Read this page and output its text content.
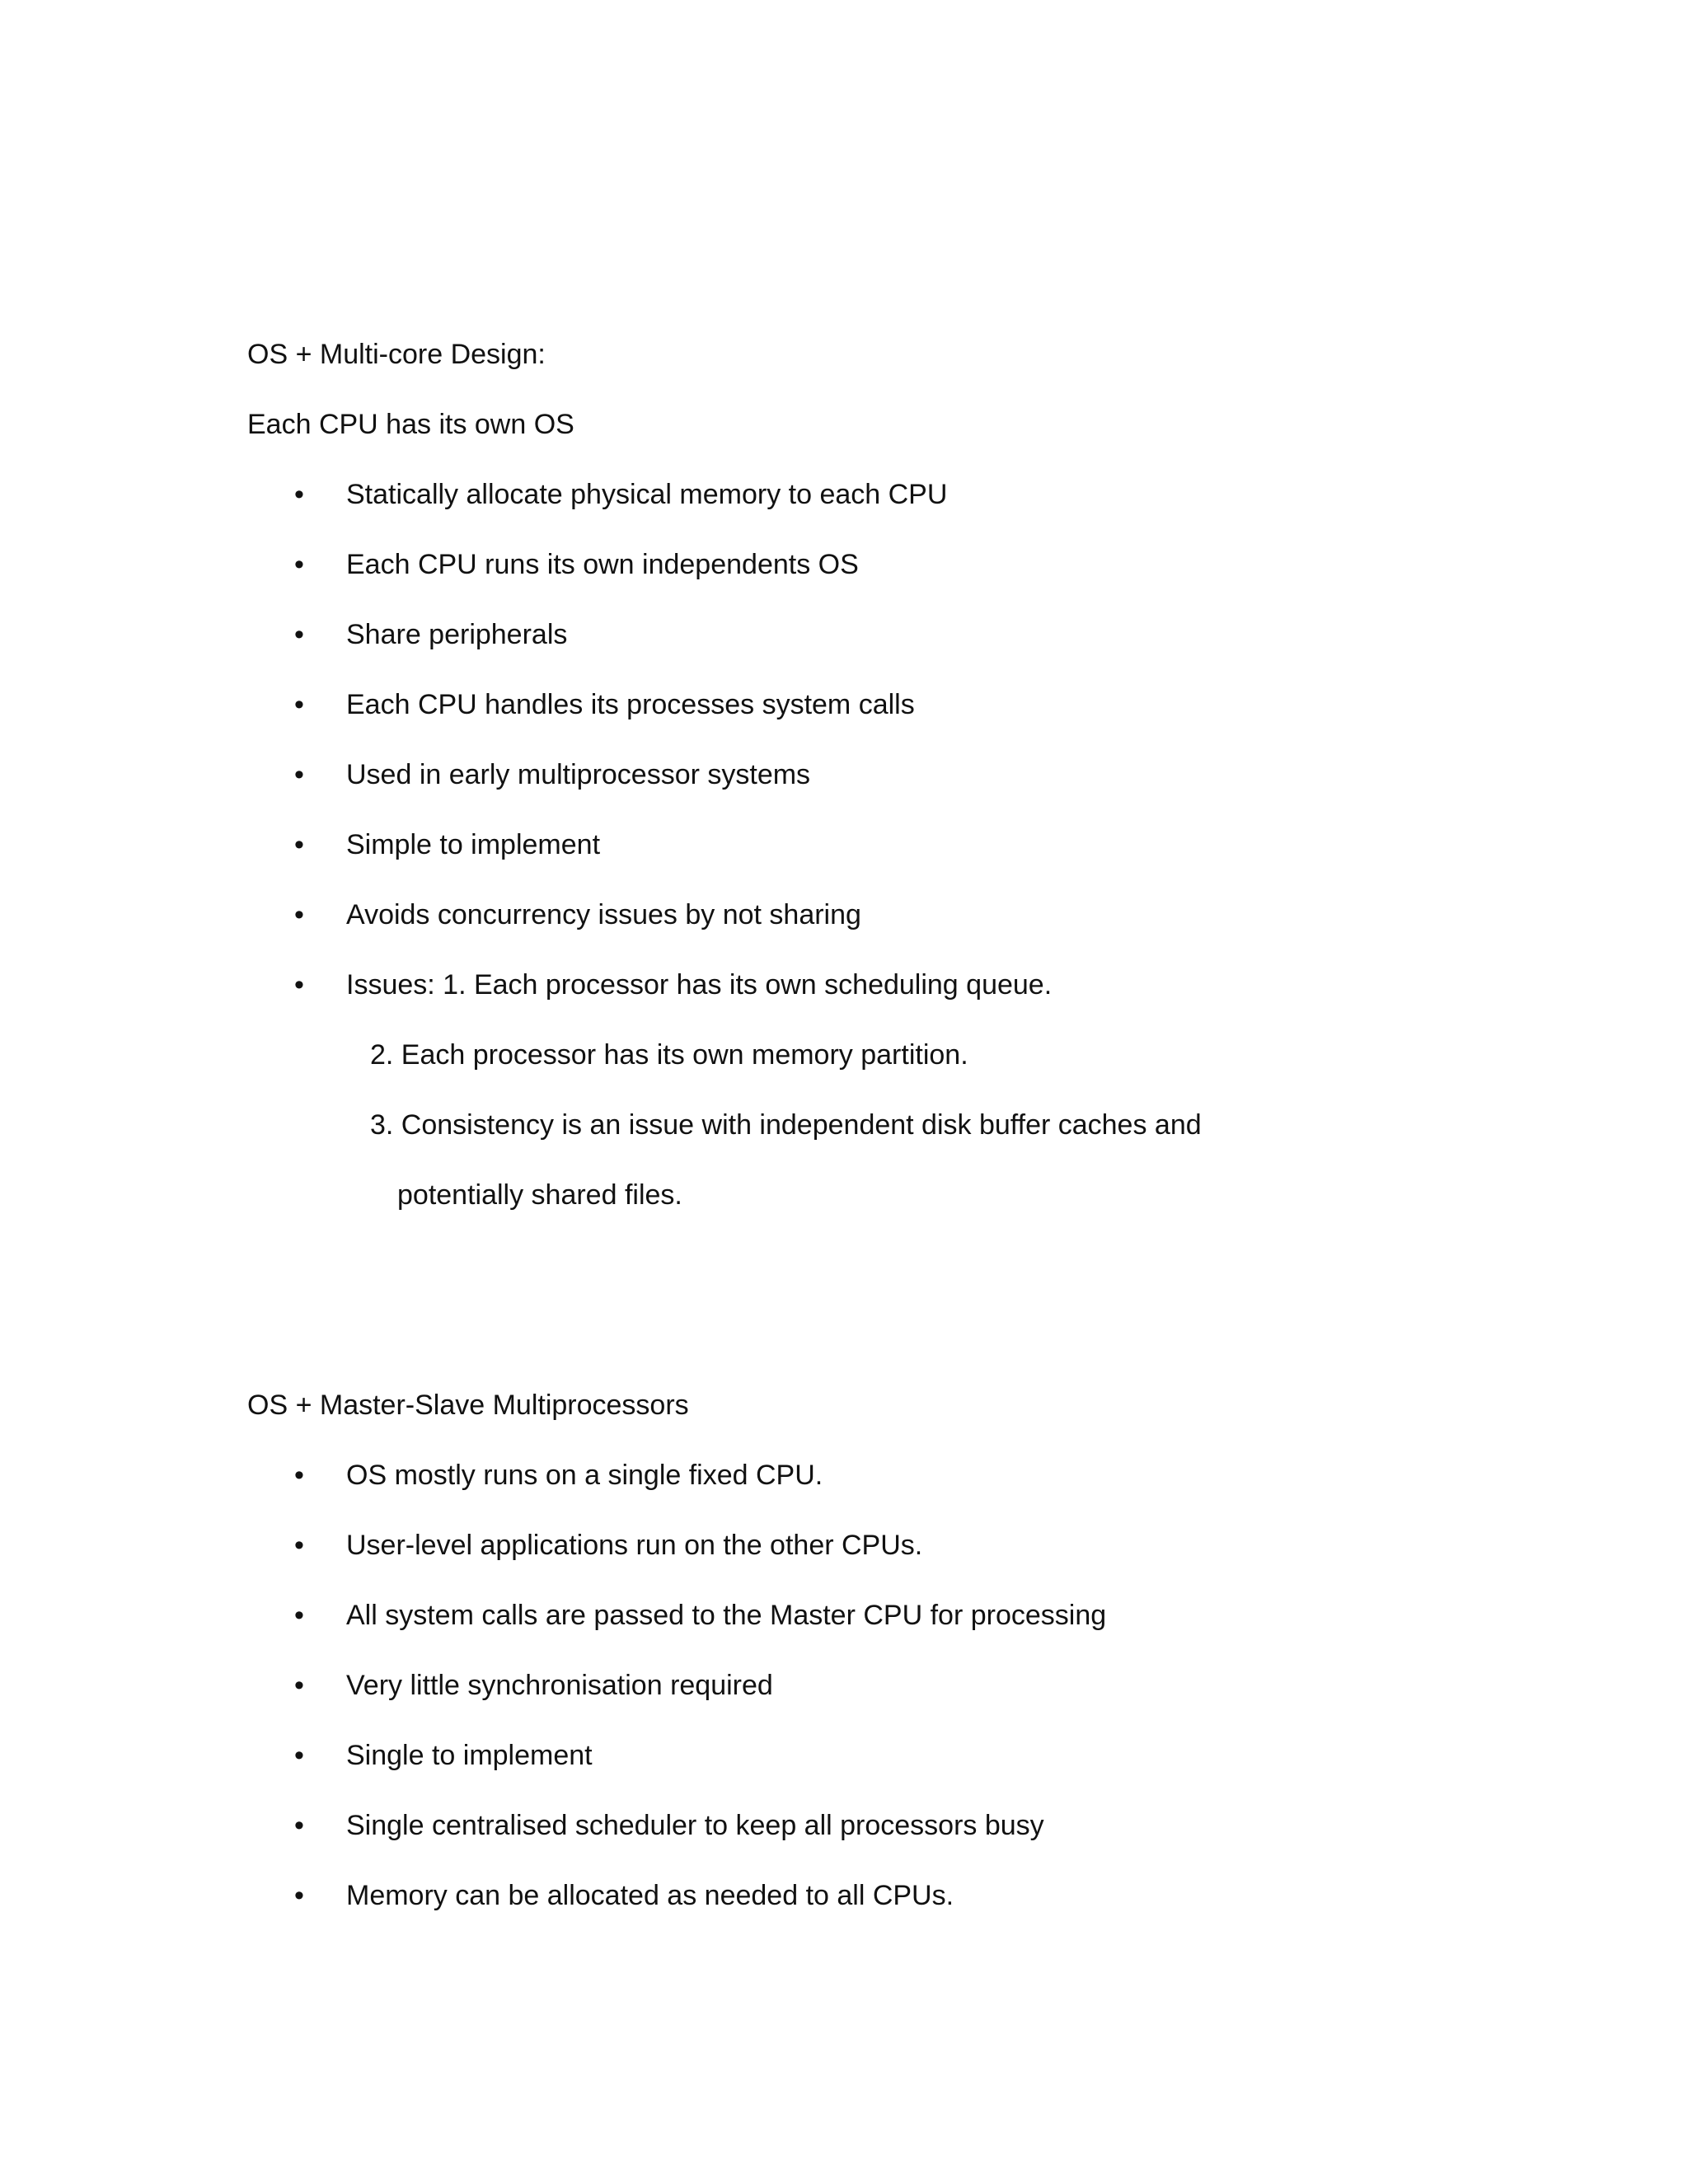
OS + Multi-core Design:
Each CPU has its own OS
• Statically allocate physical memory to each CPU
• Each CPU runs its own independents OS
• Share peripherals
• Each CPU handles its processes system calls
• Used in early multiprocessor systems
• Simple to implement
• Avoids concurrency issues by not sharing
• Issues: 1. Each processor has its own scheduling queue.
2. Each processor has its own memory partition.
3. Consistency is an issue with independent disk buffer caches and
potentially shared files.
OS + Master-Slave Multiprocessors
• OS mostly runs on a single fixed CPU.
• User-level applications run on the other CPUs.
• All system calls are passed to the Master CPU for processing
• Very little synchronisation required
• Single to implement
• Single centralised scheduler to keep all processors busy
• Memory can be allocated as needed to all CPUs.
